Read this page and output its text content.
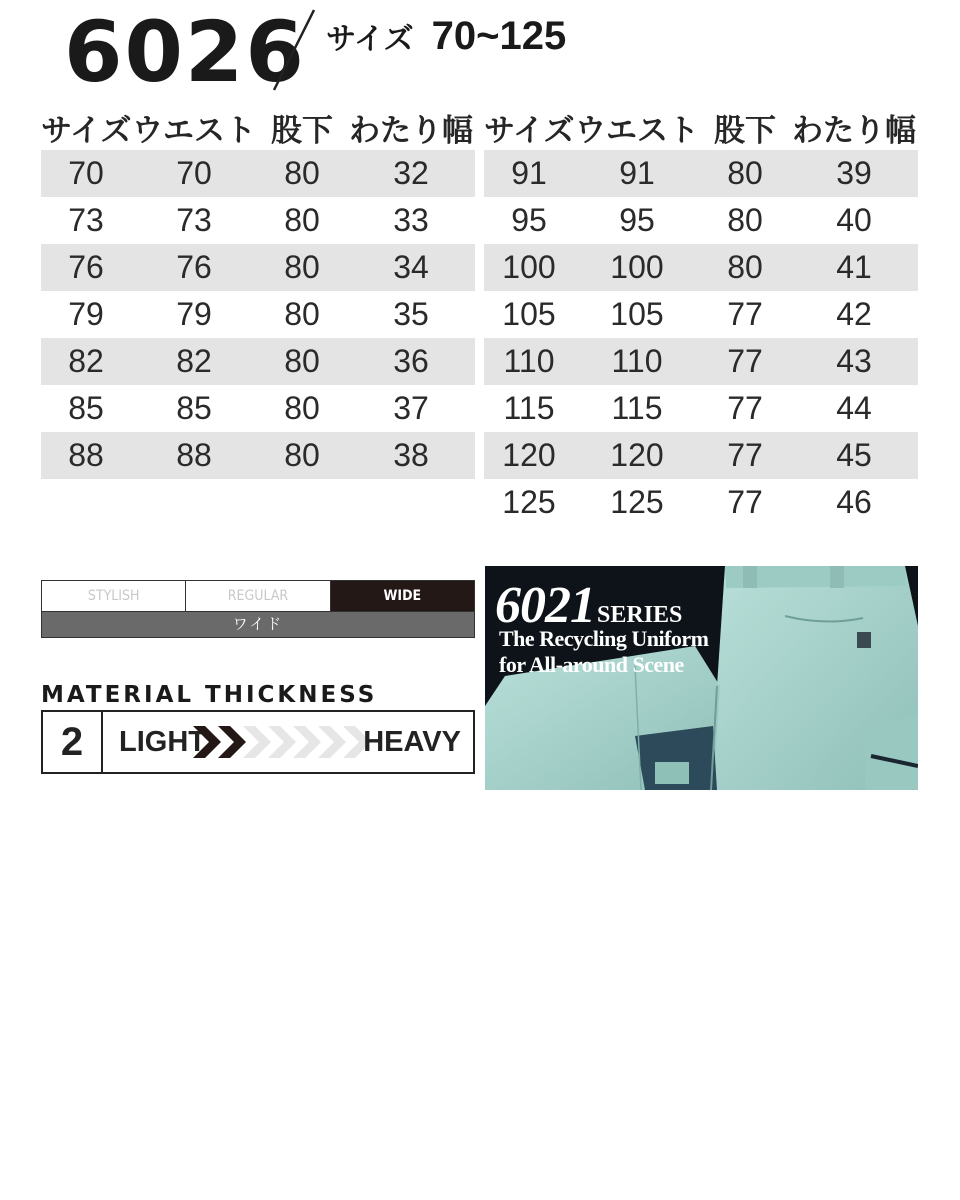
6026 サイズ 70~125
サイズ ウエスト 股下 わたり幅
70	70	80	32
73	73	80	33
76	76	80	34
79	79	80	35
82	82	80	36
85	85	80	37
88	88	80	38
サイズ ウエスト 股下 わたり幅
91	91	80	39
95	95	80	40
100	100	80	41
105	105	77	42
110	110	77	43
115	115	77	44
120	120	77	45
125	125	77	46
STYLISH	REGULAR	WIDE
ワイド
MATERIAL THICKNESS
2	LIGHT	HEAVY
6021SERIES
The Recycling Uniform
for All-around Scene
